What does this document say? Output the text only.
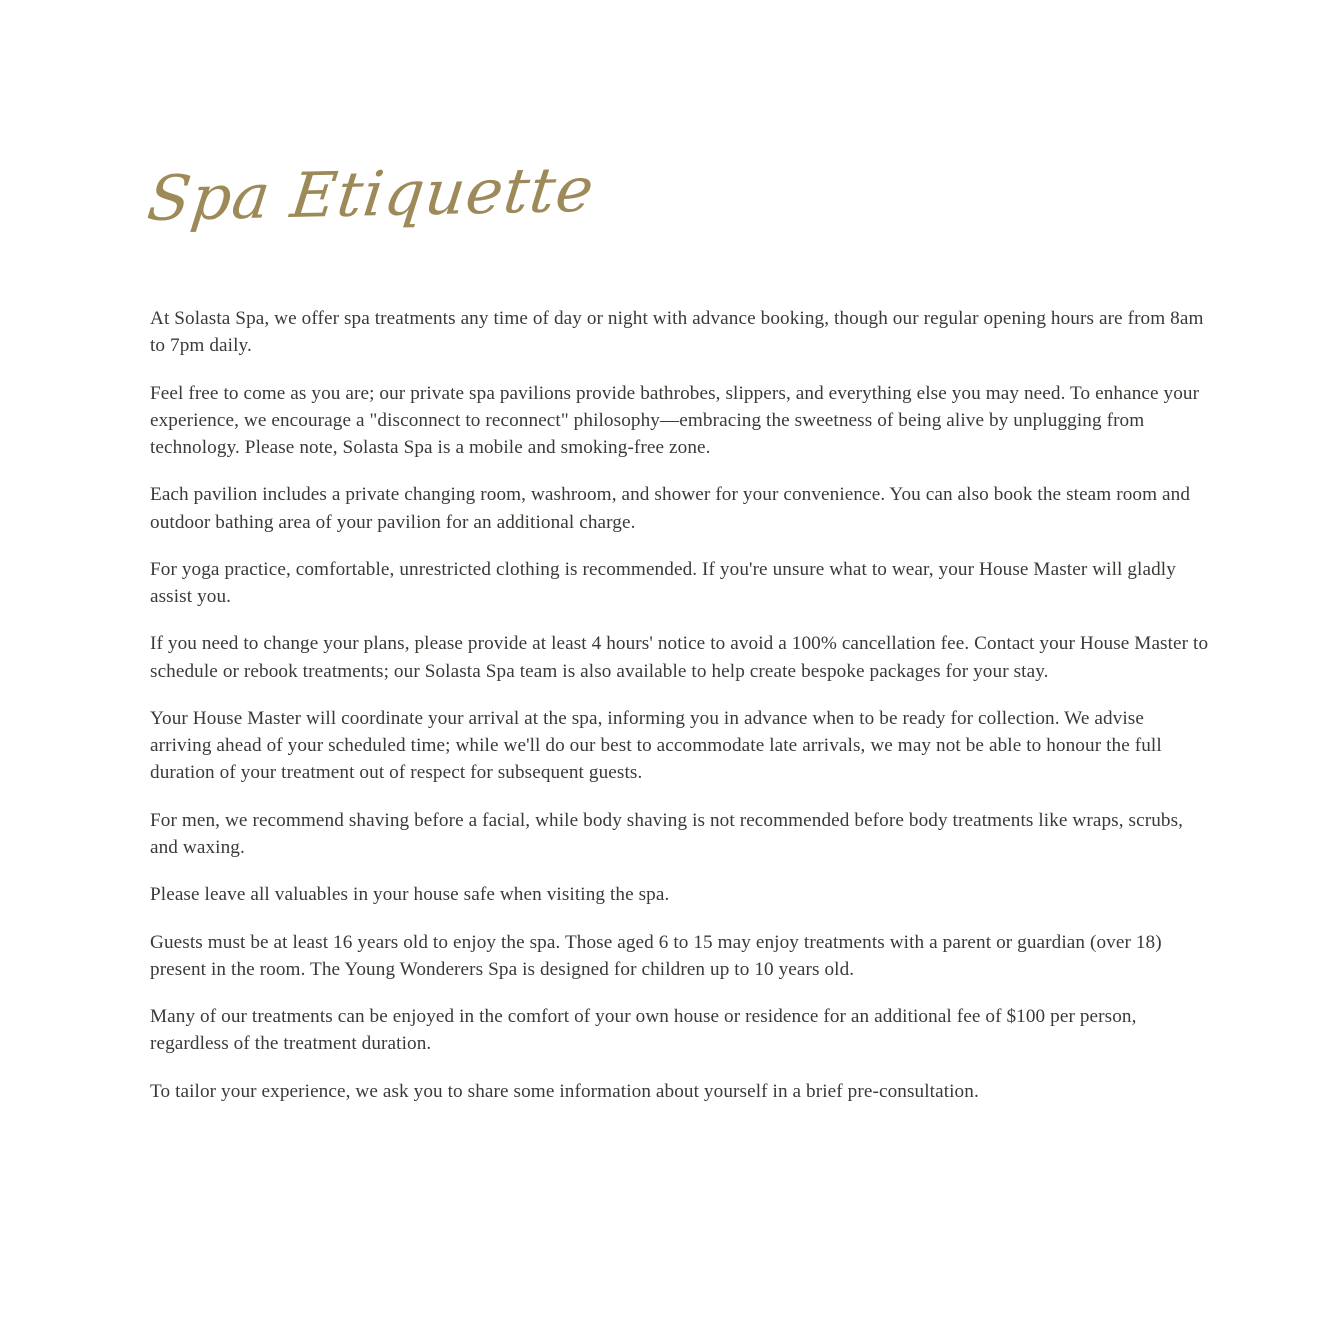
Spa Etiquette

At Solasta Spa, we offer spa treatments any time of day or night with advance booking, though our regular opening hours are from 8am to 7pm daily.

Feel free to come as you are; our private spa pavilions provide bathrobes, slippers, and everything else you may need. To enhance your experience, we encourage a "disconnect to reconnect" philosophy—embracing the sweetness of being alive by unplugging from technology. Please note, Solasta Spa is a mobile and smoking-free zone.

Each pavilion includes a private changing room, washroom, and shower for your convenience. You can also book the steam room and outdoor bathing area of your pavilion for an additional charge.

For yoga practice, comfortable, unrestricted clothing is recommended. If you're unsure what to wear, your House Master will gladly assist you.

If you need to change your plans, please provide at least 4 hours' notice to avoid a 100% cancellation fee. Contact your House Master to schedule or rebook treatments; our Solasta Spa team is also available to help create bespoke packages for your stay.

Your House Master will coordinate your arrival at the spa, informing you in advance when to be ready for collection. We advise arriving ahead of your scheduled time; while we'll do our best to accommodate late arrivals, we may not be able to honour the full duration of your treatment out of respect for subsequent guests.

For men, we recommend shaving before a facial, while body shaving is not recommended before body treatments like wraps, scrubs, and waxing.

Please leave all valuables in your house safe when visiting the spa.

Guests must be at least 16 years old to enjoy the spa. Those aged 6 to 15 may enjoy treatments with a parent or guardian (over 18) present in the room. The Young Wonderers Spa is designed for children up to 10 years old.

Many of our treatments can be enjoyed in the comfort of your own house or residence for an additional fee of $100 per person, regardless of the treatment duration.

To tailor your experience, we ask you to share some information about yourself in a brief pre-consultation.
